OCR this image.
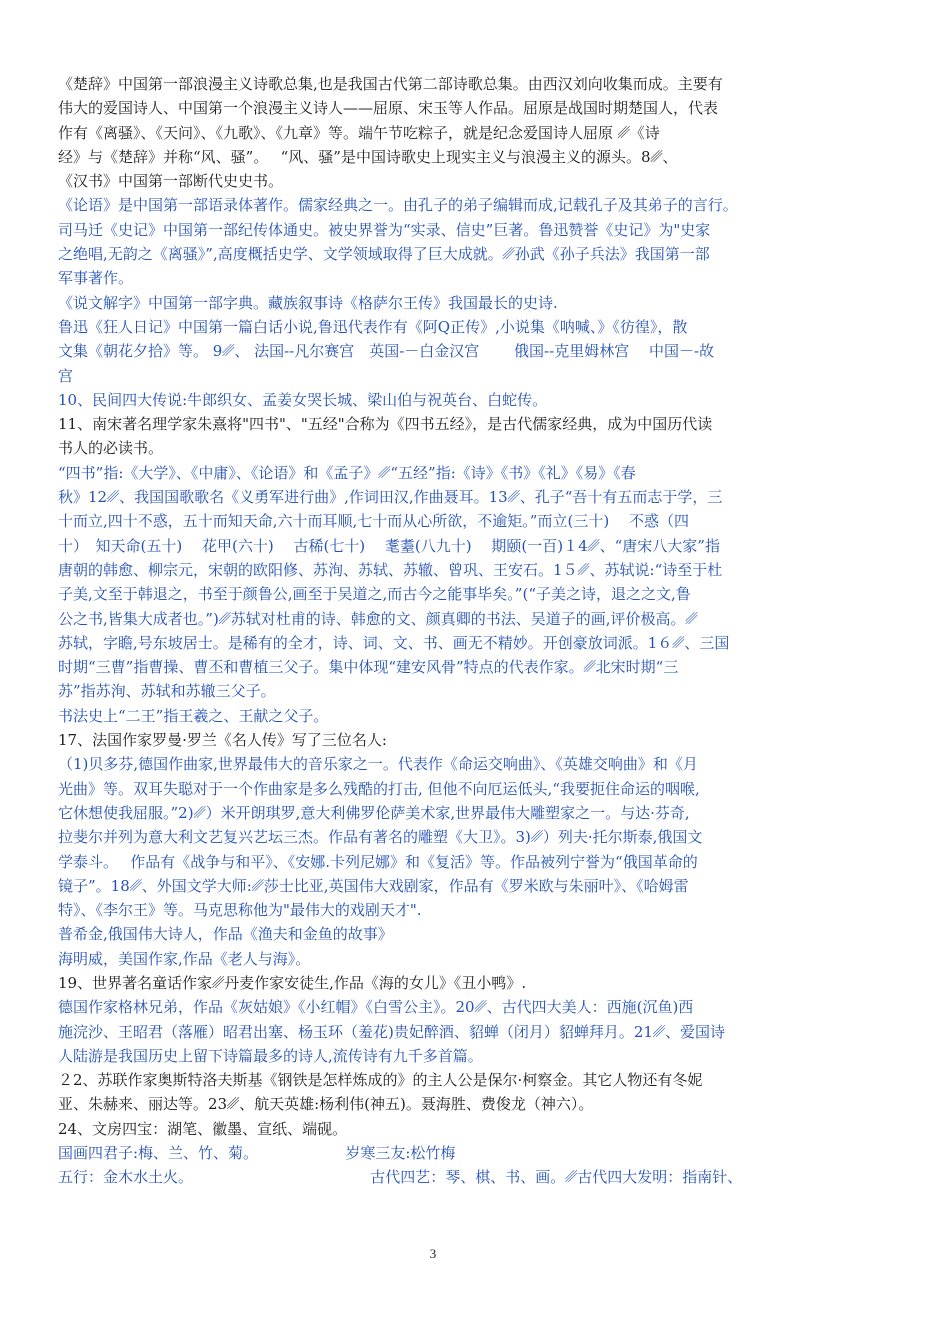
《楚辞》中国第一部浪漫主义诗歌总集,也是我国古代第二部诗歌总集。由西汉刘向收集而成。主要有
伟大的爱国诗人、中国第一个浪漫主义诗人——屈原、宋玉等人作品。屈原是战国时期楚国人，代表
作有《离骚》、《天问》、《九歌》、《九章》等。端午节吃粽子，就是纪念爱国诗人屈原 ␥《诗
经》与《楚辞》并称“风、骚”。　 “风、骚”是中国诗歌史上现实主义与浪漫主义的源头。8␥、
《汉书》中国第一部断代史史书。
《论语》是中国第一部语录体著作。儒家经典之一。由孔子的弟子编辑而成,记载孔子及其弟子的言行。
司马迁《史记》中国第一部纪传体通史。被史界誉为“实录、信史”巨著。鲁迅赞誉《史记》为"史家
之绝唱,无韵之《离骚》”,高度概括史学、文学领域取得了巨大成就。␥孙武《孙子兵法》我国第一部
军事著作。
《说文解字》中国第一部字典。藏族叙事诗《格萨尔王传》我国最长的史诗.
鲁迅《狂人日记》中国第一篇白话小说,鲁迅代表作有《阿Q正传》,小说集《呐喊、》《彷徨》，散
文集《朝花夕拾》等。 9␥、 法国--凡尔赛宫　英国-－白金汉宫　　 俄国--克里姆林宫　 中国－-故
宫
10、民间四大传说:牛郎织女、孟姜女哭长城、梁山伯与祝英台、白蛇传。
11、南宋著名理学家朱熹将"四书"、"五经"合称为《四书五经》，是古代儒家经典，成为中国历代读
书人的必读书。
“四书”指:《大学》、《中庸》、《论语》和《孟子》␥“五经”指:《诗》《书》《礼》《易》《春
秋》12␥、我国国歌歌名《义勇军进行曲》,作词田汉,作曲聂耳。13␥、孔子“吾十有五而志于学，三
十而立,四十不惑，五十而知天命,六十而耳顺,七十而从心所欲，不逾矩。”而立(三十)　 不惑（四
十）　知天命(五十)　 花甲(六十)　 古稀(七十)　 耄耋(八九十)　 期颐(一百)１4␥、“唐宋八大家”指
唐朝的韩愈、柳宗元，宋朝的欧阳修、苏洵、苏轼、苏辙、曾巩、王安石。1５␥、苏轼说:“诗至于杜
子美,文至于韩退之，书至于颜鲁公,画至于吴道之,而古今之能事毕矣。”(“子美之诗，退之之文,鲁
公之书,皆集大成者也。”)␥苏轼对杜甫的诗、韩愈的文、颜真卿的书法、吴道子的画,评价极高。␥
苏轼，字瞻,号东坡居士。是稀有的全才，诗、词、文、书、画无不精妙。开创豪放词派。1６␥、三国
时期“三曹”指曹操、曹丕和曹植三父子。集中体现“建安风骨”特点的代表作家。␥北宋时期“三
苏”指苏洵、苏轼和苏辙三父子。
书法史上“二王”指王羲之、王献之父子。
17、法国作家罗曼·罗兰《名人传》写了三位名人:
（1)贝多芬,德国作曲家,世界最伟大的音乐家之一。代表作《命运交响曲》、《英雄交响曲》和《月
光曲》等。双耳失聪对于一个作曲家是多么残酷的打击, 但他不向厄运低头,“我要扼住命运的咽喉,
它休想使我屈服。”2)␥）米开朗琪罗,意大利佛罗伦萨美术家,世界最伟大雕塑家之一。与达·芬奇,
拉斐尔并列为意大利文艺复兴艺坛三杰。作品有著名的雕塑《大卫》。3)␥）列夫·托尔斯泰,俄国文
学泰斗。　 作品有《战争与和平》、《安娜.卡列尼娜》和《复活》等。作品被列宁誉为“俄国革命的
镜子”。18␥、外国文学大师:␥莎士比亚,英国伟大戏剧家，作品有《罗米欧与朱丽叶》、《哈姆雷
特》、《李尔王》等。马克思称他为"最伟大的戏剧天才".
普希金,俄国伟大诗人，作品《渔夫和金鱼的故事》
海明威，美国作家,作品《老人与海》。
19、世界著名童话作家␥丹麦作家安徒生,作品《海的女儿》《丑小鸭》.
德国作家格林兄弟，作品《灰姑娘》《小红帽》《白雪公主》。20␥、古代四大美人：西施(沉鱼)西
施浣沙、王昭君（落雁）昭君出塞、杨玉环（羞花)贵妃醉酒、貂蝉（闭月）貂蝉拜月。21␥、爱国诗
人陆游是我国历史上留下诗篇最多的诗人,流传诗有九千多首篇。
２2、苏联作家奥斯特洛夫斯基《钢铁是怎样炼成的》的主人公是保尔·柯察金。其它人物还有冬妮
亚、朱赫来、丽达等。23␥、航天英雄:杨利伟(神五)。聂海胜、费俊龙（神六）。
24、文房四宝：湖笔、徽墨、宣纸、端砚。
国画四君子:梅、兰、竹、菊。　　　　　　 岁寒三友:松竹梅
五行：金木水土火。　　　　　　　　　　　　 古代四艺：琴、棋、书、画。␥古代四大发明：指南针、
3
